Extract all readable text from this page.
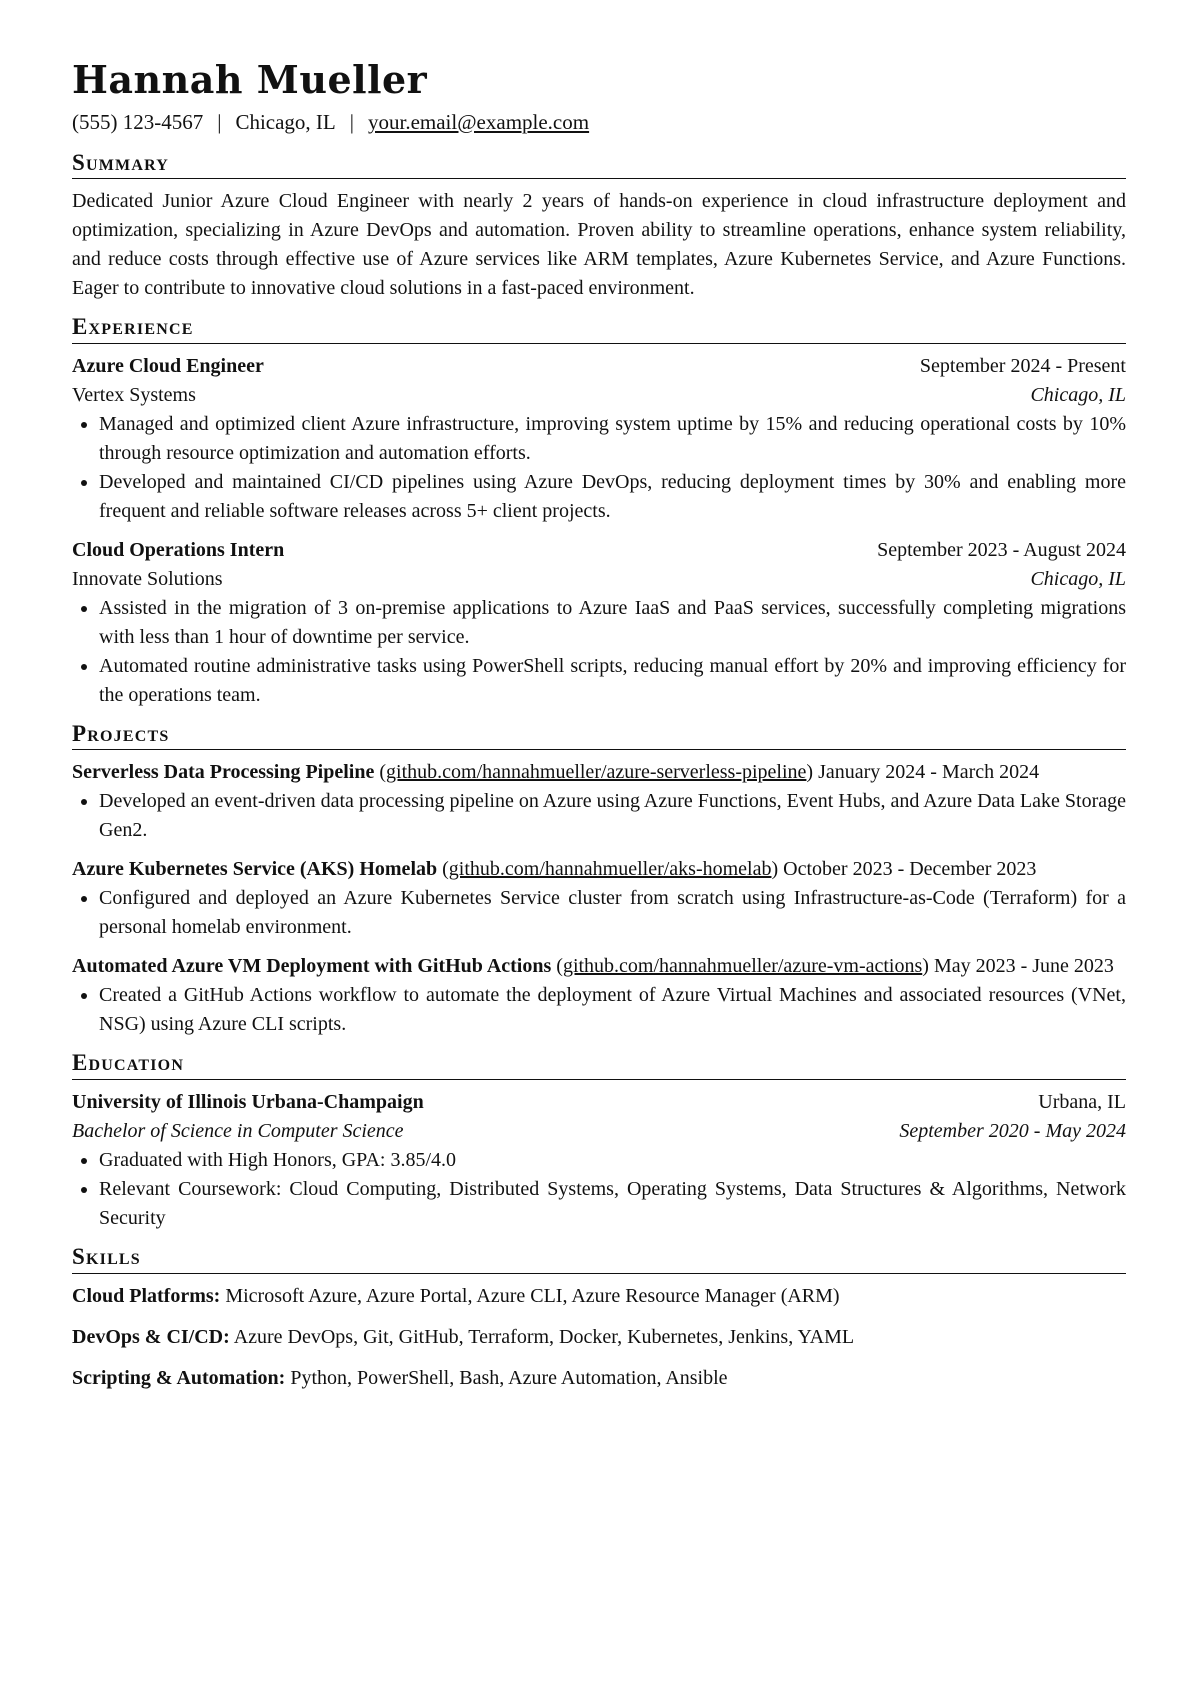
Hannah Mueller
(555) 123-4567 | Chicago, IL | your.email@example.com
Summary

Dedicated Junior Azure Cloud Engineer with nearly 2 years of hands-on experience in cloud infrastructure deployment and optimization, specializing in Azure DevOps and automation. Proven ability to streamline operations, enhance system reliability, and reduce costs through effective use of Azure services like ARM templates, Azure Kubernetes Service, and Azure Functions. Eager to contribute to innovative cloud solutions in a fast-paced environment.

Experience
Azure Cloud Engineer	September 2024 - Present
Vertex Systems	Chicago, IL
• Managed and optimized client Azure infrastructure, improving system uptime by 15% and reducing operational costs by 10% through resource optimization and automation efforts.
• Developed and maintained CI/CD pipelines using Azure DevOps, reducing deployment times by 30% and enabling more frequent and reliable software releases across 5+ client projects.
Cloud Operations Intern	September 2023 - August 2024
Innovate Solutions	Chicago, IL
• Assisted in the migration of 3 on-premise applications to Azure IaaS and PaaS services, successfully completing migrations with less than 1 hour of downtime per service.
• Automated routine administrative tasks using PowerShell scripts, reducing manual effort by 20% and improving efficiency for the operations team.
Projects
Serverless Data Processing Pipeline (github.com/hannahmueller/azure-serverless-pipeline) January 2024 - March 2024
• Developed an event-driven data processing pipeline on Azure using Azure Functions, Event Hubs, and Azure Data Lake Storage Gen2.
Azure Kubernetes Service (AKS) Homelab (github.com/hannahmueller/aks-homelab) October 2023 - December 2023
• Configured and deployed an Azure Kubernetes Service cluster from scratch using Infrastructure-as-Code (Terraform) for a personal homelab environment.
Automated Azure VM Deployment with GitHub Actions (github.com/hannahmueller/azure-vm-actions) May 2023 - June 2023
• Created a GitHub Actions workflow to automate the deployment of Azure Virtual Machines and associated resources (VNet, NSG) using Azure CLI scripts.
Education
University of Illinois Urbana-Champaign	Urbana, IL
Bachelor of Science in Computer Science	September 2020 - May 2024
• Graduated with High Honors, GPA: 3.85/4.0
• Relevant Coursework: Cloud Computing, Distributed Systems, Operating Systems, Data Structures & Algorithms, Network Security
Skills
Cloud Platforms: Microsoft Azure, Azure Portal, Azure CLI, Azure Resource Manager (ARM)
DevOps & CI/CD: Azure DevOps, Git, GitHub, Terraform, Docker, Kubernetes, Jenkins, YAML
Scripting & Automation: Python, PowerShell, Bash, Azure Automation, Ansible
